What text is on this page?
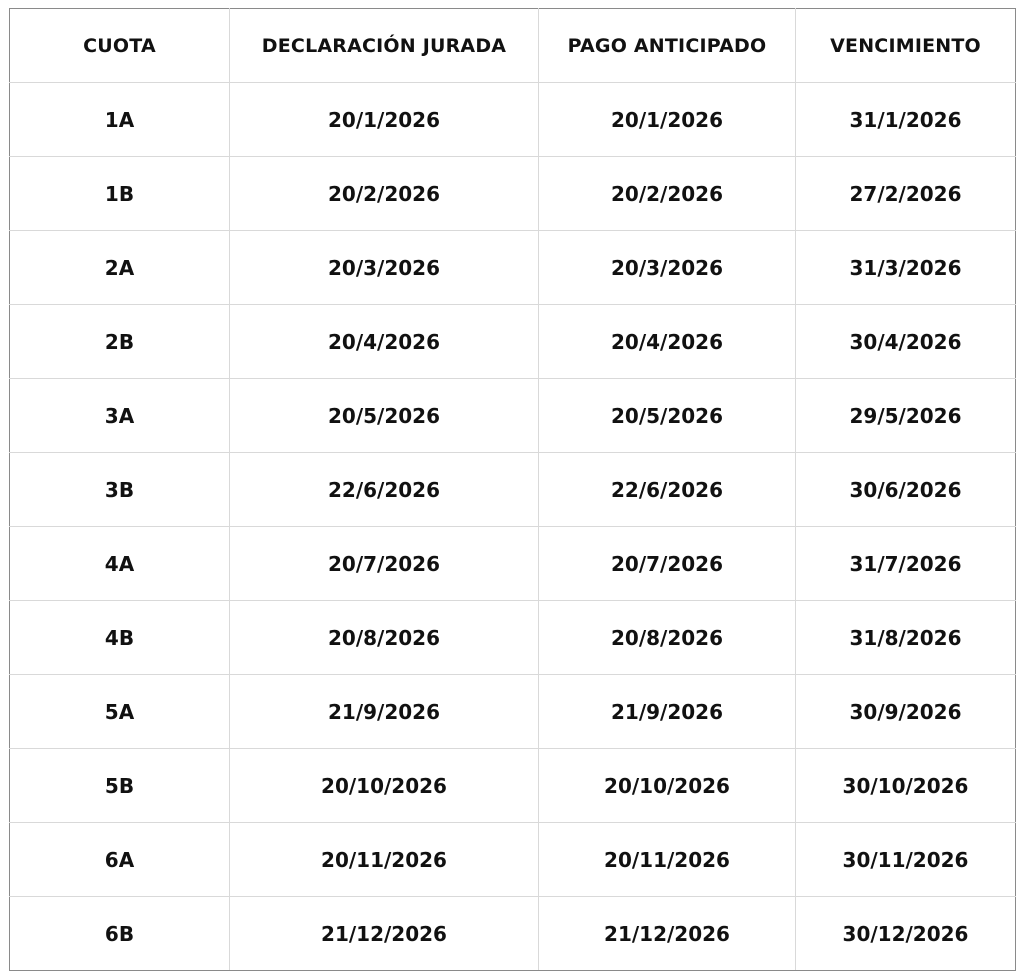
CUOTA	DECLARACIÓN JURADA	PAGO ANTICIPADO	VENCIMIENTO
1A	20/1/2026	20/1/2026	31/1/2026
1B	20/2/2026	20/2/2026	27/2/2026
2A	20/3/2026	20/3/2026	31/3/2026
2B	20/4/2026	20/4/2026	30/4/2026
3A	20/5/2026	20/5/2026	29/5/2026
3B	22/6/2026	22/6/2026	30/6/2026
4A	20/7/2026	20/7/2026	31/7/2026
4B	20/8/2026	20/8/2026	31/8/2026
5A	21/9/2026	21/9/2026	30/9/2026
5B	20/10/2026	20/10/2026	30/10/2026
6A	20/11/2026	20/11/2026	30/11/2026
6B	21/12/2026	21/12/2026	30/12/2026
